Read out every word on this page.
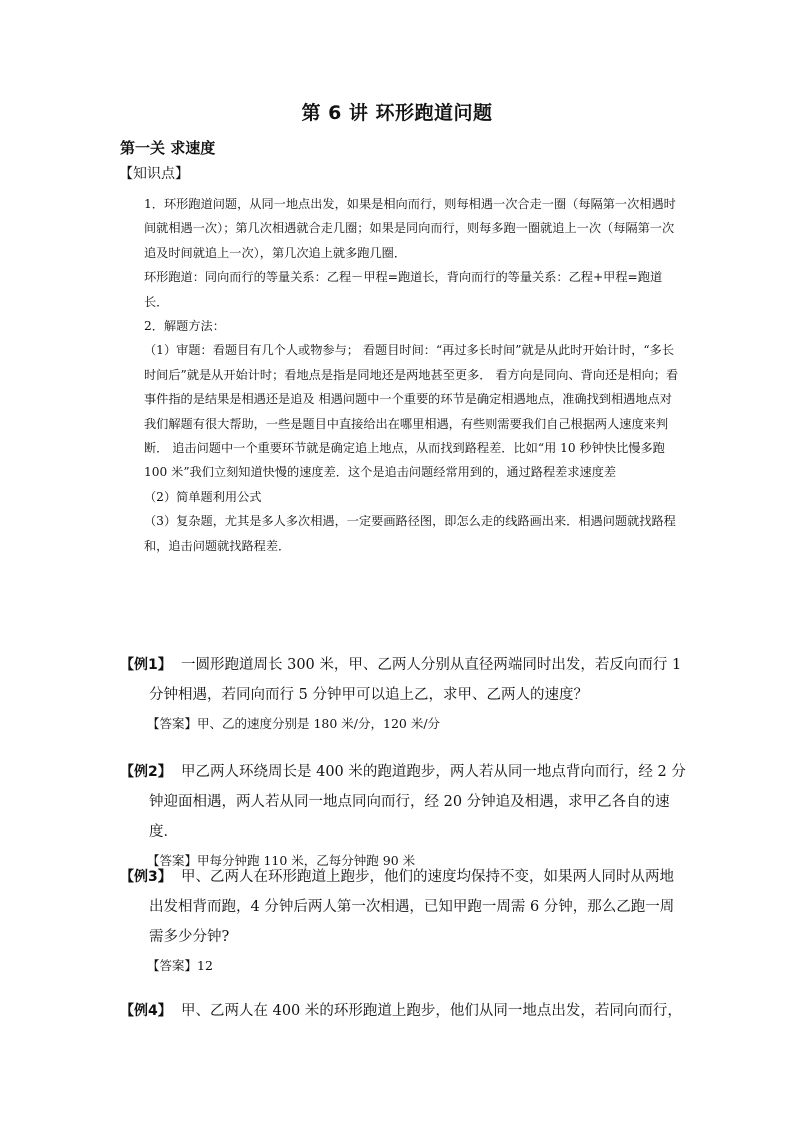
第 6 讲 环形跑道问题
第一关 求速度
【知识点】

1．环形跑道问题，从同一地点出发，如果是相向而行，则每相遇一次合走一圈（每隔第一次相遇时间就相遇一次）；第几次相遇就合走几圈；如果是同向而行，则每多跑一圈就追上一次（每隔第一次追及时间就追上一次），第几次追上就多跑几圈．

环形跑道：同向而行的等量关系：乙程－甲程=跑道长，背向而行的等量关系：乙程+甲程=跑道长．

2．解题方法：

（1）审题：看题目有几个人或物参与； 看题目时间：“再过多长时间”就是从此时开始计时，“多长时间后”就是从开始计时；看地点是指是同地还是两地甚至更多． 看方向是同向、背向还是相向；看事件指的是结果是相遇还是追及 相遇问题中一个重要的环节是确定相遇地点，准确找到相遇地点对我们解题有很大帮助，一些是题目中直接给出在哪里相遇，有些则需要我们自己根据两人速度来判断． 追击问题中一个重要环节就是确定追上地点，从而找到路程差．比如“用 10 秒钟快比慢多跑 100 米”我们立刻知道快慢的速度差．这个是追击问题经常用到的，通过路程差求速度差

（2）简单题利用公式

（3）复杂题，尤其是多人多次相遇，一定要画路径图，即怎么走的线路画出来．相遇问题就找路程和，追击问题就找路程差．

【例1】 一圆形跑道周长 300 米，甲、乙两人分别从直径两端同时出发，若反向而行 1 分钟相遇，若同向而行 5 分钟甲可以追上乙，求甲、乙两人的速度？
【答案】甲、乙的速度分别是 180 米/分，120 米/分
【例2】 甲乙两人环绕周长是 400 米的跑道跑步，两人若从同一地点背向而行，经 2 分钟迎面相遇，两人若从同一地点同向而行，经 20 分钟追及相遇，求甲乙各自的速度．
【答案】甲每分钟跑 110 米，乙每分钟跑 90 米
【例3】 甲、乙两人在环形跑道上跑步，他们的速度均保持不变，如果两人同时从两地出发相背而跑，4 分钟后两人第一次相遇，已知甲跑一周需 6 分钟，那么乙跑一周需多少分钟?
【答案】12
【例4】 甲、乙两人在 400 米的环形跑道上跑步，他们从同一地点出发，若同向而行，
